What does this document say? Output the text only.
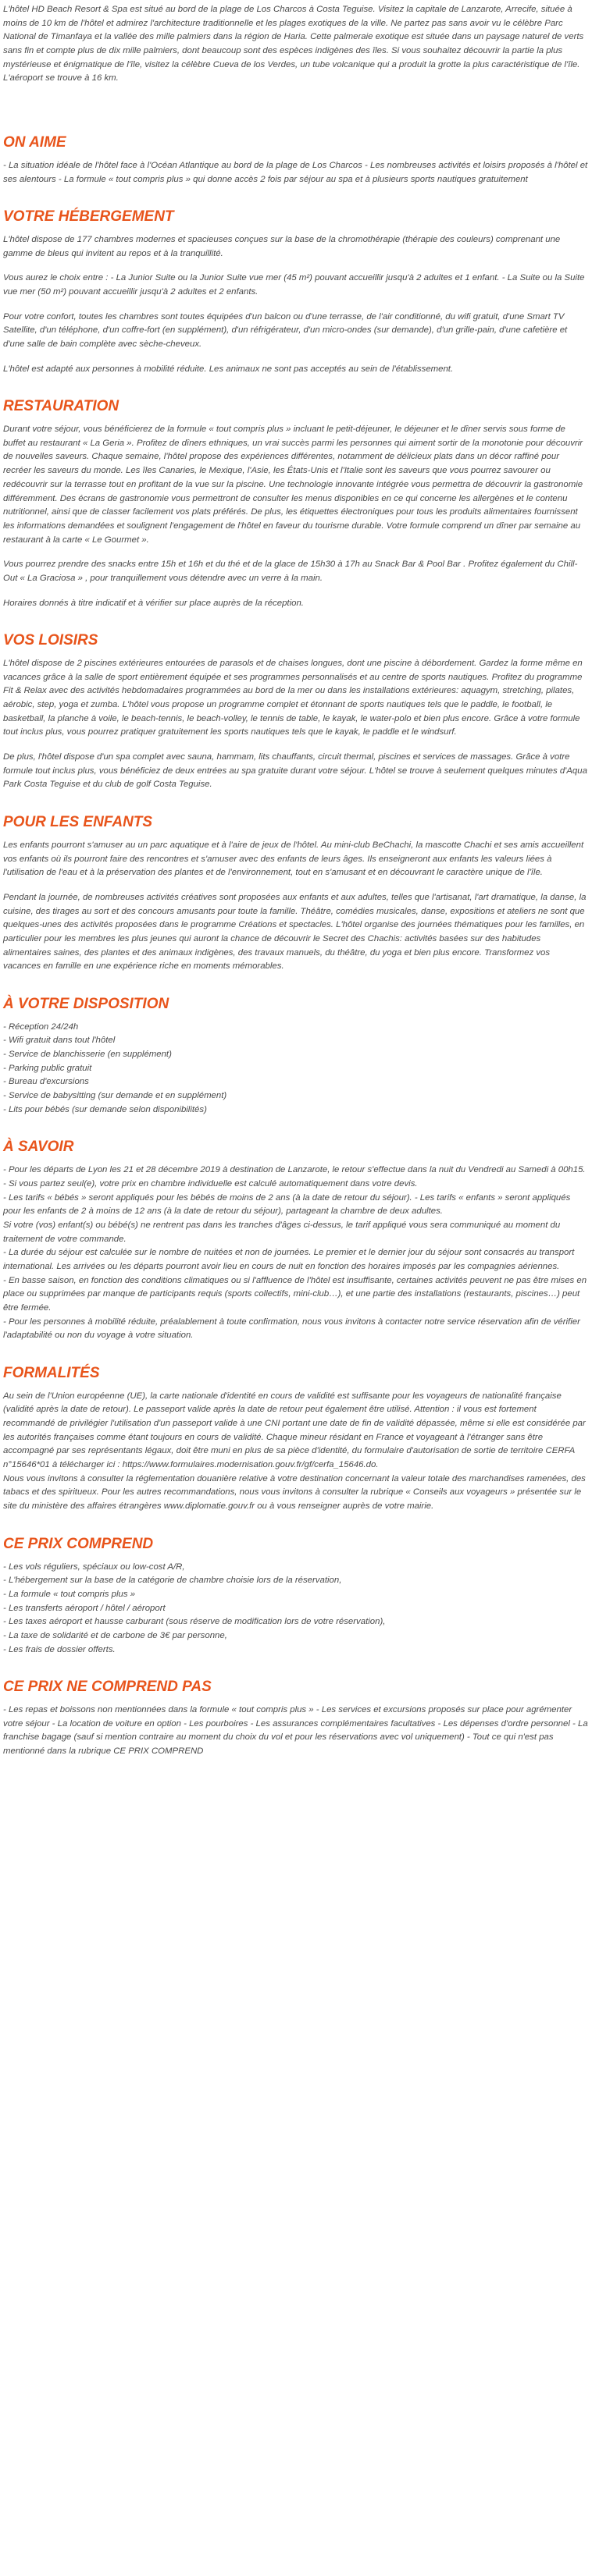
L'hôtel HD Beach Resort & Spa est situé au bord de la plage de Los Charcos à Costa Teguise. Visitez la capitale de Lanzarote, Arrecife, située à moins de 10 km de l'hôtel et admirez l'architecture traditionnelle et les plages exotiques de la ville. Ne partez pas sans avoir vu le célèbre Parc National de Timanfaya et la vallée des mille palmiers dans la région de Haria. Cette palmeraie exotique est située dans un paysage naturel de verts sans fin et compte plus de dix mille palmiers, dont beaucoup sont des espèces indigènes des îles. Si vous souhaitez découvrir la partie la plus mystérieuse et énigmatique de l'île, visitez la célèbre Cueva de los Verdes, un tube volcanique qui a produit la grotte la plus caractéristique de l'île. L'aéroport se trouve à 16 km.

ON AIME
- La situation idéale de l'hôtel face à l'Océan Atlantique au bord de la plage de Los Charcos - Les nombreuses activités et loisirs proposés à l'hôtel et ses alentours - La formule « tout compris plus » qui donne accès 2 fois par séjour au spa et à plusieurs sports nautiques gratuitement
VOTRE HÉBERGEMENT

L'hôtel dispose de 177 chambres modernes et spacieuses conçues sur la base de la chromothérapie (thérapie des couleurs) comprenant une gamme de bleus qui invitent au repos et à la tranquillité.

Vous aurez le choix entre : - La Junior Suite ou la Junior Suite vue mer (45 m²) pouvant accueillir jusqu'à 2 adultes et 1 enfant. - La Suite ou la Suite vue mer (50 m²) pouvant accueillir jusqu'à 2 adultes et 2 enfants.

Pour votre confort, toutes les chambres sont toutes équipées d'un balcon ou d'une terrasse, de l'air conditionné, du wifi gratuit, d'une Smart TV Satellite, d'un téléphone, d'un coffre-fort (en supplément), d'un réfrigérateur, d'un micro-ondes (sur demande), d'un grille-pain, d'une cafetière et d'une salle de bain complète avec sèche-cheveux.

L'hôtel est adapté aux personnes à mobilité réduite. Les animaux ne sont pas acceptés au sein de l'établissement.

RESTAURATION

Durant votre séjour, vous bénéficierez de la formule « tout compris plus » incluant le petit-déjeuner, le déjeuner et le dîner servis sous forme de buffet au restaurant « La Geria ». Profitez de dîners ethniques, un vrai succès parmi les personnes qui aiment sortir de la monotonie pour découvrir de nouvelles saveurs. Chaque semaine, l'hôtel propose des expériences différentes, notamment de délicieux plats dans un décor raffiné pour recréer les saveurs du monde. Les îles Canaries, le Mexique, l'Asie, les États-Unis et l'Italie sont les saveurs que vous pourrez savourer ou redécouvrir sur la terrasse tout en profitant de la vue sur la piscine. Une technologie innovante intégrée vous permettra de découvrir la gastronomie différemment. Des écrans de gastronomie vous permettront de consulter les menus disponibles en ce qui concerne les allergènes et le contenu nutritionnel, ainsi que de classer facilement vos plats préférés. De plus, les étiquettes électroniques pour tous les produits alimentaires fournissent les informations demandées et soulignent l'engagement de l'hôtel en faveur du tourisme durable. Votre formule comprend un dîner par semaine au restaurant à la carte « Le Gourmet ».

Vous pourrez prendre des snacks entre 15h et 16h et du thé et de la glace de 15h30 à 17h au Snack Bar & Pool Bar . Profitez également du Chill-Out « La Graciosa » , pour tranquillement vous détendre avec un verre à la main.

Horaires donnés à titre indicatif et à vérifier sur place auprès de la réception.

VOS LOISIRS

L'hôtel dispose de 2 piscines extérieures entourées de parasols et de chaises longues, dont une piscine à débordement. Gardez la forme même en vacances grâce à la salle de sport entièrement équipée et ses programmes personnalisés et au centre de sports nautiques. Profitez du programme Fit & Relax avec des activités hebdomadaires programmées au bord de la mer ou dans les installations extérieures: aquagym, stretching, pilates, aérobic, step, yoga et zumba. L'hôtel vous propose un programme complet et étonnant de sports nautiques tels que le paddle, le football, le basketball, la planche à voile, le beach-tennis, le beach-volley, le tennis de table, le kayak, le water-polo et bien plus encore. Grâce à votre formule tout inclus plus, vous pourrez pratiquer gratuitement les sports nautiques tels que le kayak, le paddle et le windsurf.

De plus, l'hôtel dispose d'un spa complet avec sauna, hammam, lits chauffants, circuit thermal, piscines et services de massages. Grâce à votre formule tout inclus plus, vous bénéficiez de deux entrées au spa gratuite durant votre séjour. L'hôtel se trouve à seulement quelques minutes d'Aqua Park Costa Teguise et du club de golf Costa Teguise.

POUR LES ENFANTS

Les enfants pourront s'amuser au un parc aquatique et à l'aire de jeux de l'hôtel. Au mini-club BeChachi, la mascotte Chachi et ses amis accueillent vos enfants où ils pourront faire des rencontres et s'amuser avec des enfants de leurs âges. Ils enseigneront aux enfants les valeurs liées à l'utilisation de l'eau et à la préservation des plantes et de l'environnement, tout en s'amusant et en découvrant le caractère unique de l'île.

Pendant la journée, de nombreuses activités créatives sont proposées aux enfants et aux adultes, telles que l'artisanat, l'art dramatique, la danse, la cuisine, des tirages au sort et des concours amusants pour toute la famille. Théâtre, comédies musicales, danse, expositions et ateliers ne sont que quelques-unes des activités proposées dans le programme Créations et spectacles. L'hôtel organise des journées thématiques pour les familles, en particulier pour les membres les plus jeunes qui auront la chance de découvrir le Secret des Chachis: activités basées sur des habitudes alimentaires saines, des plantes et des animaux indigènes, des travaux manuels, du théâtre, du yoga et bien plus encore. Transformez vos vacances en famille en une expérience riche en moments mémorables.

À VOTRE DISPOSITION
- Réception 24/24h
- Wifi gratuit dans tout l'hôtel
- Service de blanchisserie (en supplément)
- Parking public gratuit
- Bureau d'excursions
- Service de babysitting (sur demande et en supplément)
- Lits pour bébés (sur demande selon disponibilités)
À SAVOIR
- Pour les départs de Lyon les 21 et 28 décembre 2019 à destination de Lanzarote, le retour s'effectue dans la nuit du Vendredi au Samedi à 00h15.
- Si vous partez seul(e), votre prix en chambre individuelle est calculé automatiquement dans votre devis.
- Les tarifs « bébés » seront appliqués pour les bébés de moins de 2 ans (à la date de retour du séjour). - Les tarifs « enfants » seront appliqués pour les enfants de 2 à moins de 12 ans (à la date de retour du séjour), partageant la chambre de deux adultes.
Si votre (vos) enfant(s) ou bébé(s) ne rentrent pas dans les tranches d'âges ci-dessus, le tarif appliqué vous sera communiqué au moment du traitement de votre commande.
- La durée du séjour est calculée sur le nombre de nuitées et non de journées. Le premier et le dernier jour du séjour sont consacrés au transport international. Les arrivées ou les départs pourront avoir lieu en cours de nuit en fonction des horaires imposés par les compagnies aériennes.
- En basse saison, en fonction des conditions climatiques ou si l'affluence de l'hôtel est insuffisante, certaines activités peuvent ne pas être mises en place ou supprimées par manque de participants requis (sports collectifs, mini-club…), et une partie des installations (restaurants, piscines…) peut être fermée.
- Pour les personnes à mobilité réduite, préalablement à toute confirmation, nous vous invitons à contacter notre service réservation afin de vérifier l'adaptabilité ou non du voyage à votre situation.
FORMALITÉS
Au sein de l'Union européenne (UE), la carte nationale d'identité en cours de validité est suffisante pour les voyageurs de nationalité française (validité après la date de retour). Le passeport valide après la date de retour peut également être utilisé. Attention : il vous est fortement recommandé de privilégier l'utilisation d'un passeport valide à une CNI portant une date de fin de validité dépassée, même si elle est considérée par les autorités françaises comme étant toujours en cours de validité. Chaque mineur résidant en France et voyageant à l'étranger sans être accompagné par ses représentants légaux, doit être muni en plus de sa pièce d'identité, du formulaire d'autorisation de sortie de territoire CERFA n°15646*01 à télécharger ici : https://www.formulaires.modernisation.gouv.fr/gf/cerfa_15646.do.
Nous vous invitons à consulter la réglementation douanière relative à votre destination concernant la valeur totale des marchandises ramenées, des tabacs et des spiritueux. Pour les autres recommandations, nous vous invitons à consulter la rubrique « Conseils aux voyageurs » présentée sur le site du ministère des affaires étrangères www.diplomatie.gouv.fr ou à vous renseigner auprès de votre mairie.
CE PRIX COMPREND
- Les vols réguliers, spéciaux ou low-cost A/R,
- L'hébergement sur la base de la catégorie de chambre choisie lors de la réservation,
- La formule « tout compris plus »
- Les transferts aéroport / hôtel / aéroport
- Les taxes aéroport et hausse carburant (sous réserve de modification lors de votre réservation),
- La taxe de solidarité et de carbone de 3€ par personne,
- Les frais de dossier offerts.
CE PRIX NE COMPREND PAS
- Les repas et boissons non mentionnées dans la formule « tout compris plus » - Les services et excursions proposés sur place pour agrémenter votre séjour - La location de voiture en option - Les pourboires - Les assurances complémentaires facultatives - Les dépenses d'ordre personnel - La franchise bagage (sauf si mention contraire au moment du choix du vol et pour les réservations avec vol uniquement) - Tout ce qui n'est pas mentionné dans la rubrique CE PRIX COMPREND
